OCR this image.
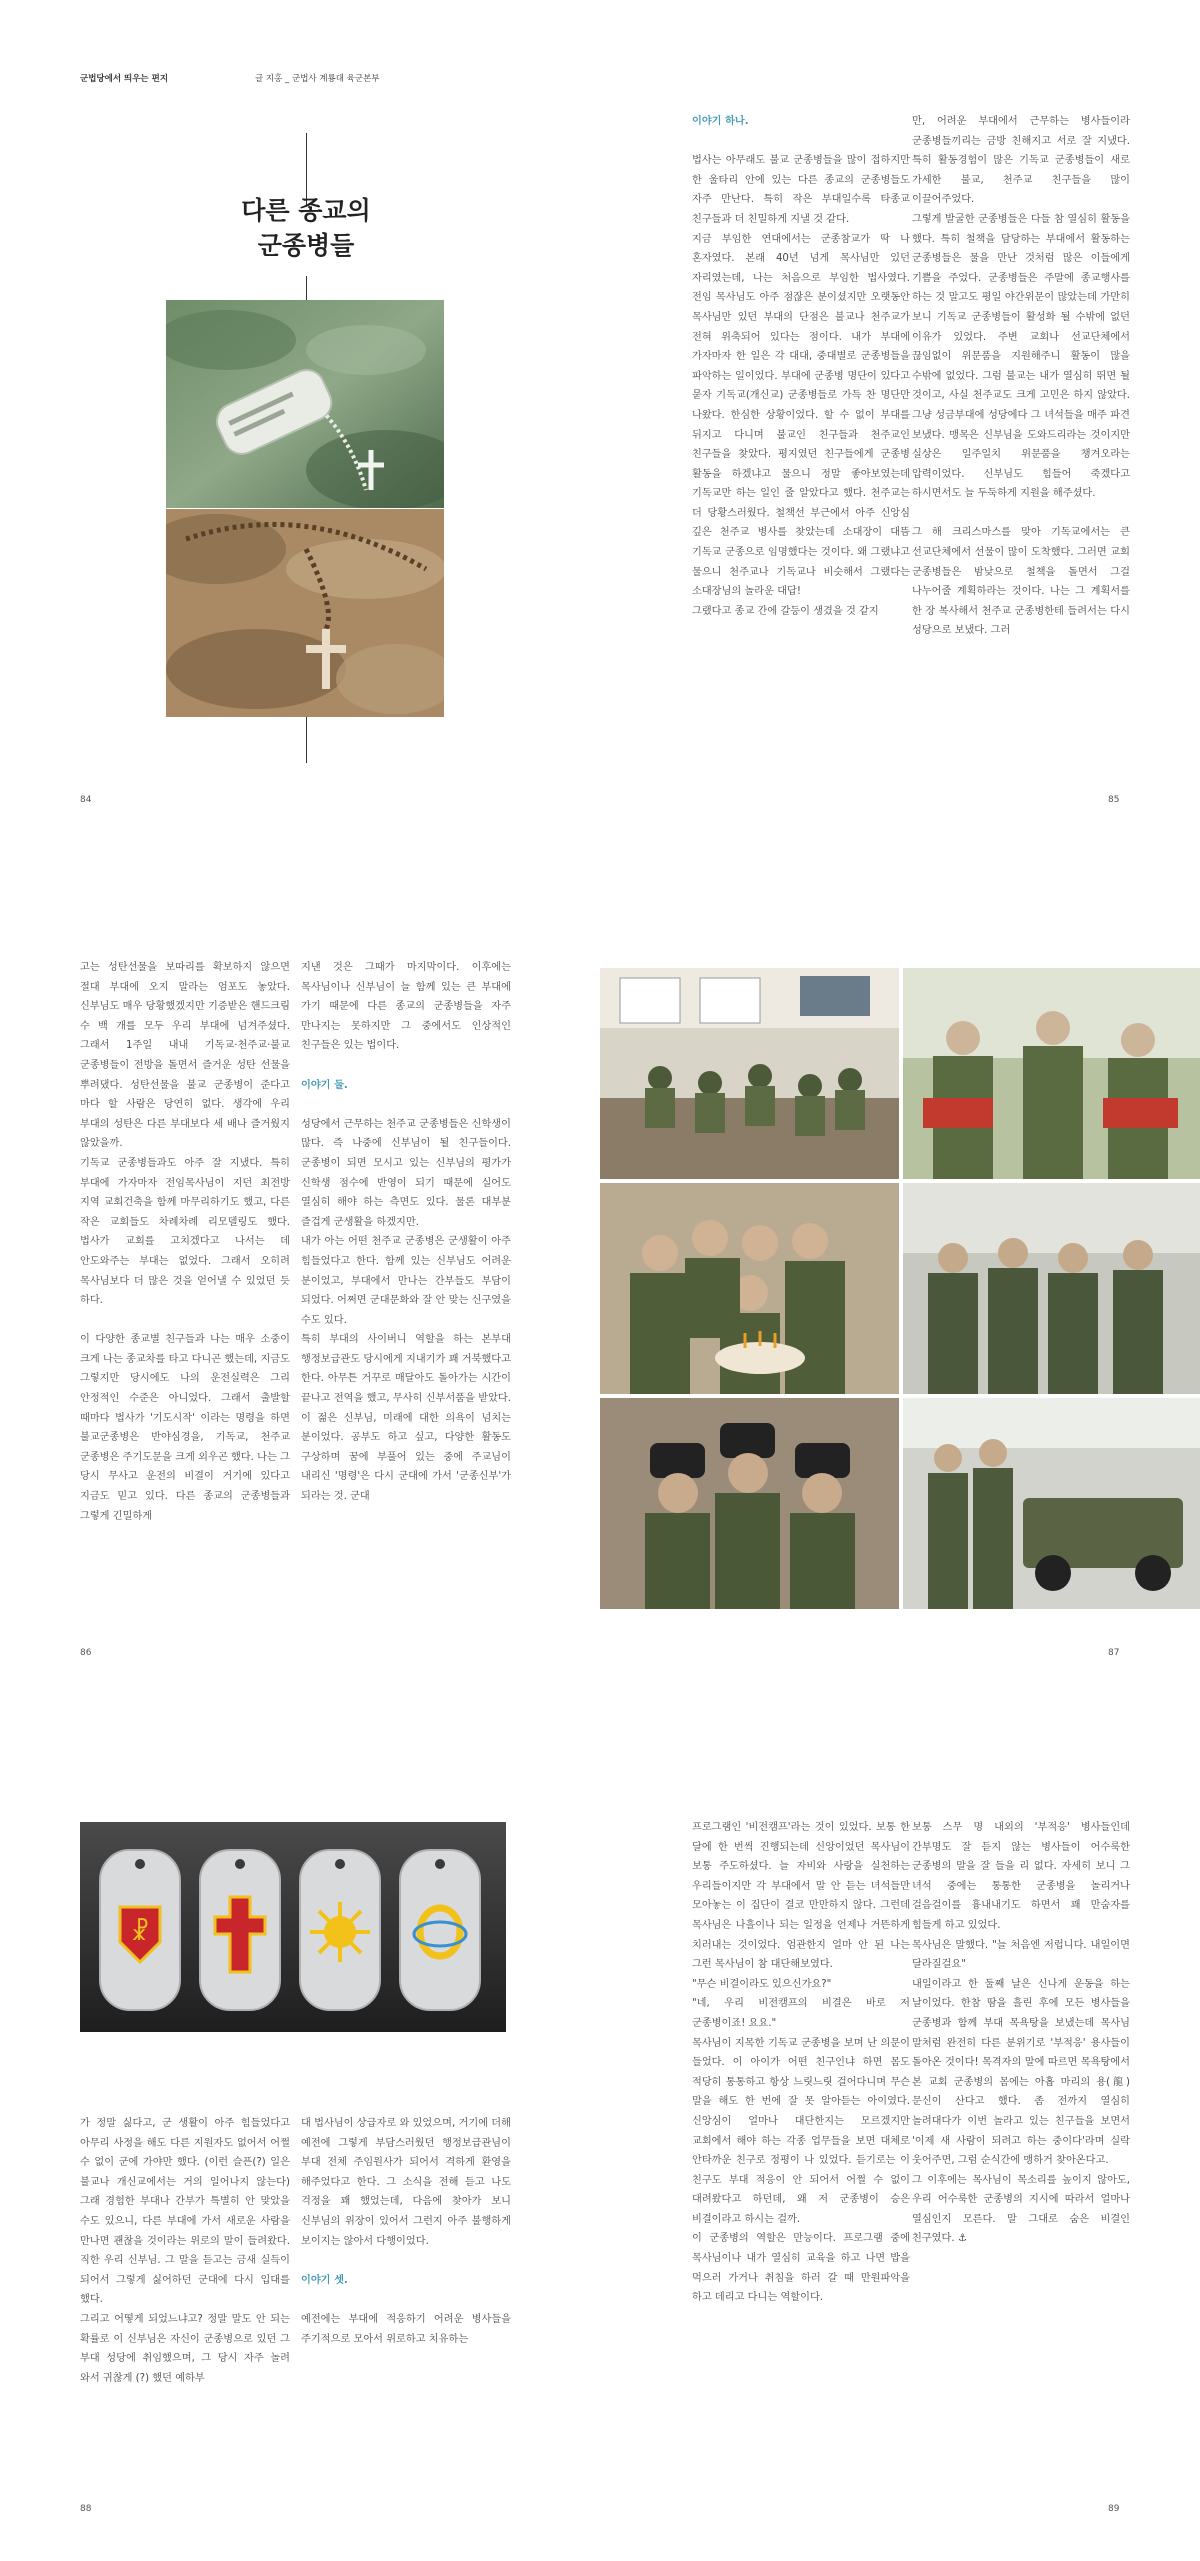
군법당에서 띄우는 편지	글 지홍 _ 군법사 계룡대 육군본부
다른 종교의
군종병들
이야기 하나.

법사는 아무래도 불교 군종병들을 많이 접하지만 한 울타리 안에 있는 다른 종교의 군종병들도 자주 만난다. 특히 작은 부대일수록 타종교 친구들과 더 친밀하게 지낼 것 같다.

지금 부임한 연대에서는 군종참교가 딱 나 혼자였다. 본래 40년 넘게 목사님만 있던 자리였는데, 나는 처음으로 부임한 법사였다. 전임 목사님도 아주 점잖은 분이셨지만 오랫동안 목사님만 있던 부대의 단점은 불교나 천주교가 전혀 위축되어 있다는 점이다. 내가 부대에 가자마자 한 일은 각 대대, 중대별로 군종병들을 파악하는 일이었다. 부대에 군종병 명단이 있다고 묻자 기독교(개신교) 군종병들로 가득 찬 명단만 나왔다. 한심한 상황이었다. 할 수 없이 부대를 뒤지고 다니며 불교인 친구들과 천주교인 친구들을 찾았다. 평지였던 친구들에게 군종병 활동을 하겠냐고 물으니 정말 좋아보였는데 기독교만 하는 일인 줄 알았다고 했다. 천주교는 더 당황스러웠다. 철책선 부근에서 아주 신앙심 깊은 천주교 병사를 찾았는데 소대장이 대뜸 기독교 군종으로 임명했다는 것이다. 왜 그랬냐고 물으니 천주교나 기독교나 비슷해서 그랬다는 소대장님의 놀라운 대답!

그랬다고 종교 간에 갈등이 생겼을 것 같지

만, 어려운 부대에서 근무하는 병사들이라 군종병들끼리는 금방 친해지고 서로 잘 지냈다. 특히 활동경험이 많은 기독교 군종병들이 새로 가세한 불교, 천주교 친구들을 많이 이끌어주었다.

그렇게 발굴한 군종병들은 다들 참 열심히 활동을 했다. 특히 철책을 담당하는 부대에서 활동하는 군종병들은 물을 만난 것처럼 많은 이들에게 기쁨을 주었다. 군종병들은 주말에 종교행사를 하는 것 말고도 평일 야간위문이 많았는데 가만히 보니 기독교 군종병들이 활성화 될 수밖에 없던 이유가 있었다. 주변 교회나 선교단체에서 끊임없이 위문품을 지원해주니 활동이 많을 수밖에 없었다. 그럼 불교는 내가 열심히 뛰면 될 것이고, 사실 천주교도 크게 고민은 하지 않았다. 그냥 성금부대에 성당에다 그 녀석들을 매주 파견 보냈다. 맹목은 신부님을 도와드리라는 것이지만 실상은 일주일치 위문품을 챙겨오라는 압력이었다. 신부님도 힘들어 죽겠다고 하시면서도 늘 두둑하게 지원을 해주셨다.

그 해 크리스마스를 맞아 기독교에서는 큰 선교단체에서 선물이 많이 도착했다. 그러면 교회 군종병들은 밤낮으로 철책을 돌면서 그걸 나누어줄 계획하라는 것이다. 나는 그 계획서를 한 장 복사해서 천주교 군종병한테 들려서는 다시 성당으로 보냈다. 그러

84	85

고는 성탄선물을 보따리를 확보하지 않으면 절대 부대에 오지 말라는 엄포도 놓았다. 신부님도 매우 당황했겠지만 기증받은 핸드크림 수 백 개를 모두 우리 부대에 넘겨주셨다. 그래서 1주일 내내 기독교·천주교·불교 군종병들이 전방을 돌면서 즐거운 성탄 선물을 뿌려댔다. 성탄선물을 불교 군종병이 준다고 마다 할 사람은 당연히 없다. 생각에 우리 부대의 성탄은 다른 부대보다 세 배나 즐거웠지 않았을까.

기독교 군종병들과도 아주 잘 지냈다. 특히 부대에 가자마자 전임목사님이 지던 최전방 지역 교회건축을 함께 마무리하기도 했고, 다른 작은 교회들도 차례차례 리모델링도 했다. 법사가 교회를 고치겠다고 나서는 데 안도와주는 부대는 없었다. 그래서 오히려 목사님보다 더 많은 것을 얻어낼 수 있었던 듯 하다.

이 다양한 종교별 친구들과 나는 매우 소중이 크게 나는 종교차를 타고 다니곤 했는데, 지금도 그렇지만 당시에도 나의 운전실력은 그리 안정적인 수준은 아니었다. 그래서 출발할 때마다 법사가 '기도시작' 이라는 명령을 하면 불교군종병은 반야심경을, 기독교, 천주교 군종병은 주기도문을 크게 외우곤 했다. 나는 그 당시 무사고 운전의 비결이 거기에 있다고 지금도 믿고 있다. 다른 종교의 군종병들과 그렇게 긴밀하게

지낸 것은 그때가 마지막이다. 이후에는 목사님이나 신부님이 늘 함께 있는 큰 부대에 가기 때문에 다른 종교의 군종병들을 자주 만나지는 못하지만 그 중에서도 인상적인 친구들은 있는 법이다.

이야기 둘.

성당에서 근무하는 천주교 군종병들은 신학생이 많다. 즉 나중에 신부님이 될 친구들이다. 군종병이 되면 모시고 있는 신부님의 평가가 신학생 점수에 반영이 되기 때문에 실어도 열심히 해야 하는 측면도 있다. 물론 대부분 즐겁게 군생활을 하겠지만.

내가 아는 어떤 천주교 군종병은 군생활이 아주 힘들었다고 한다. 함께 있는 신부님도 어려운 분이었고, 부대에서 만나는 간부들도 부담이 되었다. 어쩌면 군대문화와 잘 안 맞는 신구였을 수도 있다.

특히 부대의 사이버니 역할을 하는 본부대 행정보급관도 당시에게 지내기가 꽤 거북했다고 한다. 아무튼 거꾸로 매달아도 돌아가는 시간이 끝나고 전역을 했고, 무사히 신부서품을 받았다. 이 젊은 신부님, 미래에 대한 의욕이 넘치는 분이었다. 공부도 하고 싶고, 다양한 활동도 구상하며 꿈에 부풀어 있는 중에 주교님이 내리신 '명령'은 다시 군대에 가서 '군종신부'가 되라는 것. 군대

86	87
☧

가 정말 싫다고, 군 생활이 아주 힘들었다고 아무리 사정을 해도 다른 지원자도 없어서 어쩔 수 없이 군에 가야만 했다. (이런 슬픈(?) 일은 불교나 개신교에서는 거의 일어나지 않는다) 그래 경험한 부대나 간부가 특별히 안 맞았을 수도 있으니, 다른 부대에 가서 새로운 사람을 만나면 괜찮을 것이라는 위로의 말이 들려왔다. 직한 우리 신부님. 그 말을 듣고는 금새 실득이 되어서 그렇게 싫어하던 군대에 다시 입대를 했다.

그리고 어떻게 되었느냐고? 정말 말도 안 되는 확률로 이 신부님은 자신이 군종병으로 있던 그 부대 성당에 취임했으며, 그 당시 자주 놀려 와서 귀찮게 (?) 했던 예하부

대 법사님이 상급자로 와 있었으며, 거기에 더해 예전에 그렇게 부담스러웠던 행정보급관님이 부대 전체 주임원사가 되어서 격하게 환영을 해주었다고 한다. 그 소식을 전해 듣고 나도 걱정을 꽤 했었는데, 다음에 찾아가 보니 신부님의 위장이 있어서 그런지 아주 불행하게 보이지는 않아서 다행이었다.

이야기 셋.

예전에는 부대에 적응하기 어려운 병사들을 주기적으로 모아서 위로하고 치유하는

프로그램인 '비전캠프'라는 것이 있었다. 보통 한 달에 한 번씩 진행되는데 신앙이었던 목사님이 보통 주도하셨다. 늘 자비와 사랑을 실천하는 우리들이지만 각 부대에서 말 안 듣는 녀석들만 모아놓는 이 집단이 결코 만만하지 않다. 그런데 목사님은 나흘이나 되는 일정을 언제나 거뜬하게 치러내는 것이었다. 엄관한지 얼마 안 된 나는 그런 목사님이 참 대단해보였다.

"무슨 비결이라도 있으신가요?"

"네, 우리 비전캠프의 비결은 바로 저 군종병이죠! 요요."

목사님이 지목한 기독교 군종병을 보며 난 의문이 들었다. 이 아이가 어떤 친구인냐 하면 몸도 적당히 통통하고 항상 느릿느릿 걸어다니며 무슨 말을 해도 한 번에 잘 못 알아듣는 아이였다. 신앙심이 얼마나 대단한지는 모르겠지만 교회에서 해야 하는 각종 업무들을 보면 대체로 안타까운 친구로 정평이 나 있었다. 듣기로는 이 친구도 부대 적응이 안 되어서 어쩔 수 없이 대려왔다고 하던데, 왜 저 군종병이 승은 비결이라고 하시는 걸까.

이 군종병의 역할은 만능이다. 프로그램 중에 목사님이나 내가 열심히 교육을 하고 나면 밥을 먹으러 가거나 취침을 하러 갈 때 만원파악을 하고 데리고 다니는 역할이다.

보통 스무 명 내외의 '부적응' 병사들인데 간부명도 잘 듣지 않는 병사들이 어수룩한 군종병의 말을 잘 들을 리 없다. 자세히 보니 그 녀석 중에는 통통한 군종병을 놀리거나 걸음걸이를 흉내내기도 하면서 꽤 만숨자를 힘들게 하고 있었다.

목사님은 말했다. "늘 처음엔 저럽니다. 내일이면 달라질걸요"

내일이라고 한 둘째 날은 신나게 운동을 하는 날이었다. 한참 땀을 흘린 후에 모든 병사들을 군종병과 함께 부대 목욕탕을 보냈는데 목사님 말처럼 완전히 다른 분위기로 '부적응' 용사들이 돌아온 것이다! 목격자의 말에 따르면 목욕탕에서 본 교회 군종병의 몸에는 아홉 마리의 용(龍)문신이 산다고 했다. 좀 전까지 열심히 놀려대다가 이번 놀라고 있는 친구들을 보면서 '이제 새 사람이 되려고 하는 중이다'라며 실락 웃어주면, 그럼 순식간에 맹하거 찾아온다고.

그 이후에는 목사님이 목소리를 높이지 않아도, 우리 어수룩한 군종병의 지시에 따라서 얼마나 열심인지 모른다. 말 그대로 숨은 비결인 친구였다. ⚓

88	89
